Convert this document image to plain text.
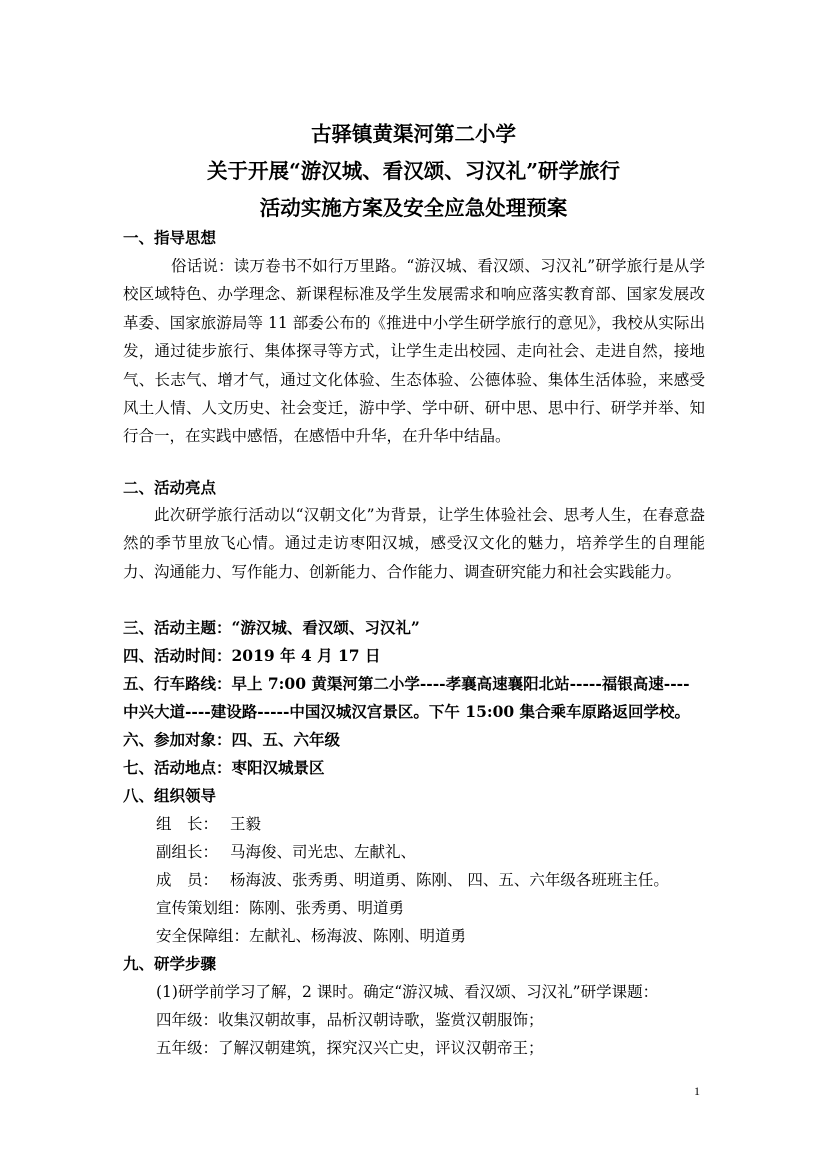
古驿镇黄渠河第二小学
关于开展“游汉城、看汉颂、习汉礼”研学旅行
活动实施方案及安全应急处理预案
一、指导思想
俗话说：读万卷书不如行万里路。“游汉城、看汉颂、习汉礼”研学旅行是从学校区域特色、办学理念、新课程标准及学生发展需求和响应落实教育部、国家发展改革委、国家旅游局等 11 部委公布的《推进中小学生研学旅行的意见》，我校从实际出发，通过徒步旅行、集体探寻等方式，让学生走出校园、走向社会、走进自然，接地气、长志气、增才气，通过文化体验、生态体验、公德体验、集体生活体验，来感受风土人情、人文历史、社会变迁，游中学、学中研、研中思、思中行、研学并举、知行合一，在实践中感悟，在感悟中升华，在升华中结晶。
二、活动亮点
此次研学旅行活动以“汉朝文化”为背景，让学生体验社会、思考人生，在春意盎然的季节里放飞心情。通过走访枣阳汉城，感受汉文化的魅力，培养学生的自理能力、沟通能力、写作能力、创新能力、合作能力、调查研究能力和社会实践能力。
三、活动主题：“游汉城、看汉颂、习汉礼”
四、活动时间：2019 年 4 月 17 日
五、行车路线：早上 7:00 黄渠河第二小学----孝襄高速襄阳北站-----福银高速----
中兴大道----建设路-----中国汉城汉宫景区。下午 15:00 集合乘车原路返回学校。
六、参加对象：四、五、六年级
七、活动地点：枣阳汉城景区
八、组织领导
组　长： 王毅
副组长： 马海俊、司光忠、左献礼、
成　员： 杨海波、张秀勇、明道勇、陈刚、 四、五、六年级各班班主任。
宣传策划组：陈刚、张秀勇、明道勇
安全保障组：左献礼、杨海波、陈刚、明道勇
九、研学步骤
(1)研学前学习了解，2 课时。确定“游汉城、看汉颂、习汉礼”研学课题：
四年级：收集汉朝故事，品析汉朝诗歌，鉴赏汉朝服饰；
五年级：了解汉朝建筑，探究汉兴亡史，评议汉朝帝王；
1
